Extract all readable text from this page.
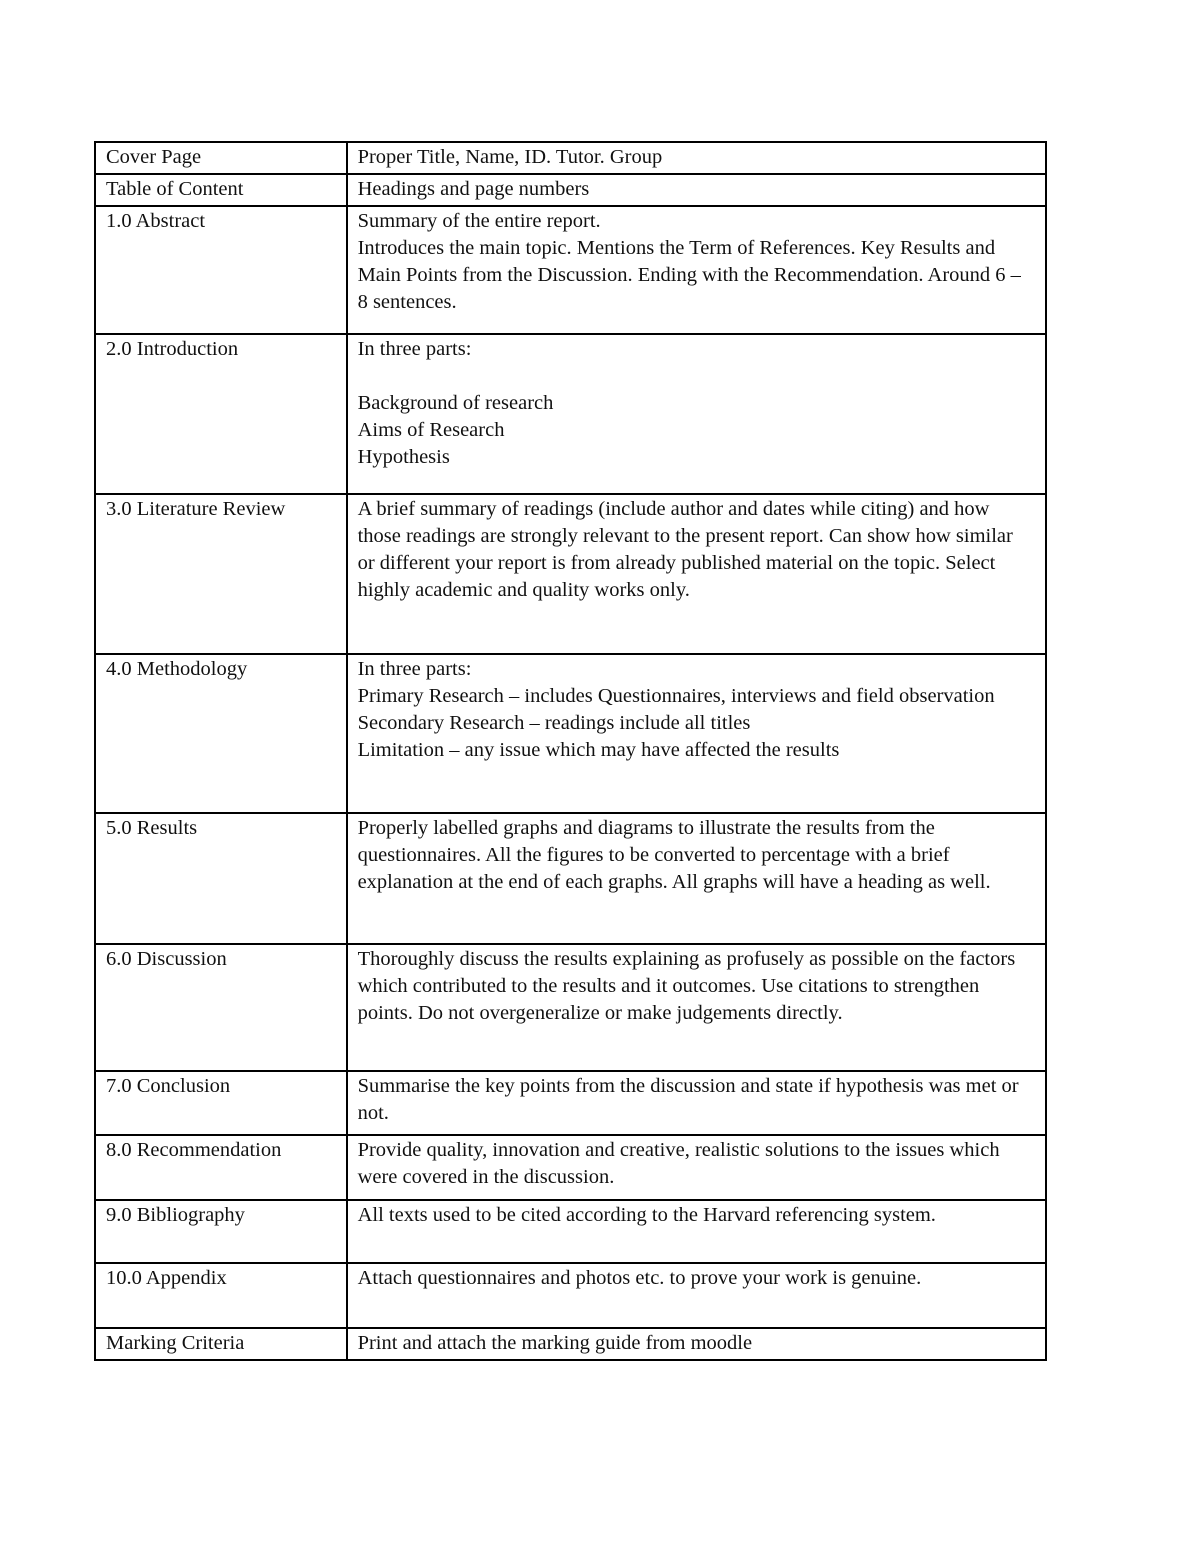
Cover Page	Proper Title, Name, ID. Tutor. Group

Table of Content	Headings and page numbers

1.0 Abstract	Summary of the entire report.
Introduces the main topic. Mentions the Term of References. Key Results and Main Points from the Discussion. Ending with the Recommendation. Around 6 – 8 sentences.

2.0 Introduction	In three parts:
Background of research
Aims of Research
Hypothesis

3.0 Literature Review	A brief summary of readings (include author and dates while citing) and how those readings are strongly relevant to the present report. Can show how similar or different your report is from already published material on the topic. Select highly academic and quality works only.

4.0 Methodology	In three parts:
Primary Research – includes Questionnaires, interviews and field observation
Secondary Research – readings include all titles
Limitation – any issue which may have affected the results

5.0 Results	Properly labelled graphs and diagrams to illustrate the results from the questionnaires. All the figures to be converted to percentage with a brief explanation at the end of each graphs. All graphs will have a heading as well.

6.0 Discussion	Thoroughly discuss the results explaining as profusely as possible on the factors which contributed to the results and it outcomes. Use citations to strengthen points. Do not overgeneralize or make judgements directly.

7.0 Conclusion	Summarise the key points from the discussion and state if hypothesis was met or not.

8.0 Recommendation	Provide quality, innovation and creative, realistic solutions to the issues which were covered in the discussion.

9.0 Bibliography	All texts used to be cited according to the Harvard referencing system.

10.0 Appendix	Attach questionnaires and photos etc. to prove your work is genuine.

Marking Criteria	Print and attach the marking guide from moodle
